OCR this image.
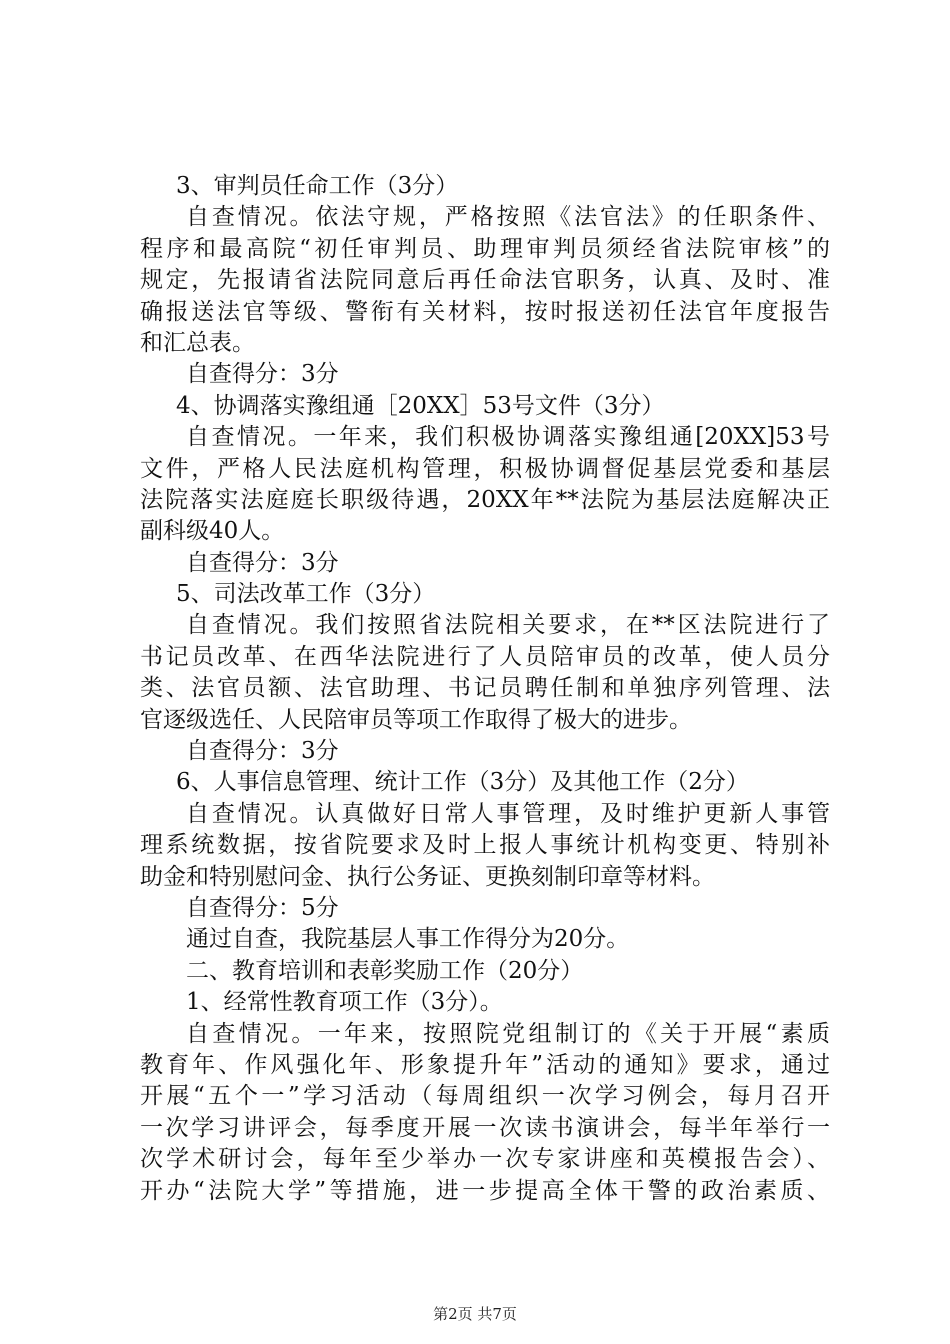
3、审判员任命工作（3分）
自查情况。依法守规，严格按照《法官法》的任职条件、
程序和最高院“初任审判员、助理审判员须经省法院审核”的
规定，先报请省法院同意后再任命法官职务，认真、及时、准
确报送法官等级、警衔有关材料，按时报送初任法官年度报告
和汇总表。
自查得分：3分
4、协调落实豫组通［20XX］53号文件（3分）
自查情况。一年来，我们积极协调落实豫组通[20XX]53号
文件，严格人民法庭机构管理，积极协调督促基层党委和基层
法院落实法庭庭长职级待遇，20XX年**法院为基层法庭解决正
副科级40人。
自查得分：3分
5、司法改革工作（3分）
自查情况。我们按照省法院相关要求，在**区法院进行了
书记员改革、在西华法院进行了人员陪审员的改革，使人员分
类、法官员额、法官助理、书记员聘任制和单独序列管理、法
官逐级选任、人民陪审员等项工作取得了极大的进步。
自查得分：3分
6、人事信息管理、统计工作（3分）及其他工作（2分）
自查情况。认真做好日常人事管理，及时维护更新人事管
理系统数据，按省院要求及时上报人事统计机构变更、特别补
助金和特别慰问金、执行公务证、更换刻制印章等材料。
自查得分：5分
通过自查，我院基层人事工作得分为20分。
二、教育培训和表彰奖励工作（20分）
1、经常性教育项工作（3分）。
自查情况。一年来，按照院党组制订的《关于开展“素质
教育年、作风强化年、形象提升年”活动的通知》要求，通过
开展“五个一”学习活动（每周组织一次学习例会，每月召开
一次学习讲评会，每季度开展一次读书演讲会，每半年举行一
次学术研讨会，每年至少举办一次专家讲座和英模报告会）、
开办“法院大学”等措施，进一步提高全体干警的政治素质、
第2页 共7页
